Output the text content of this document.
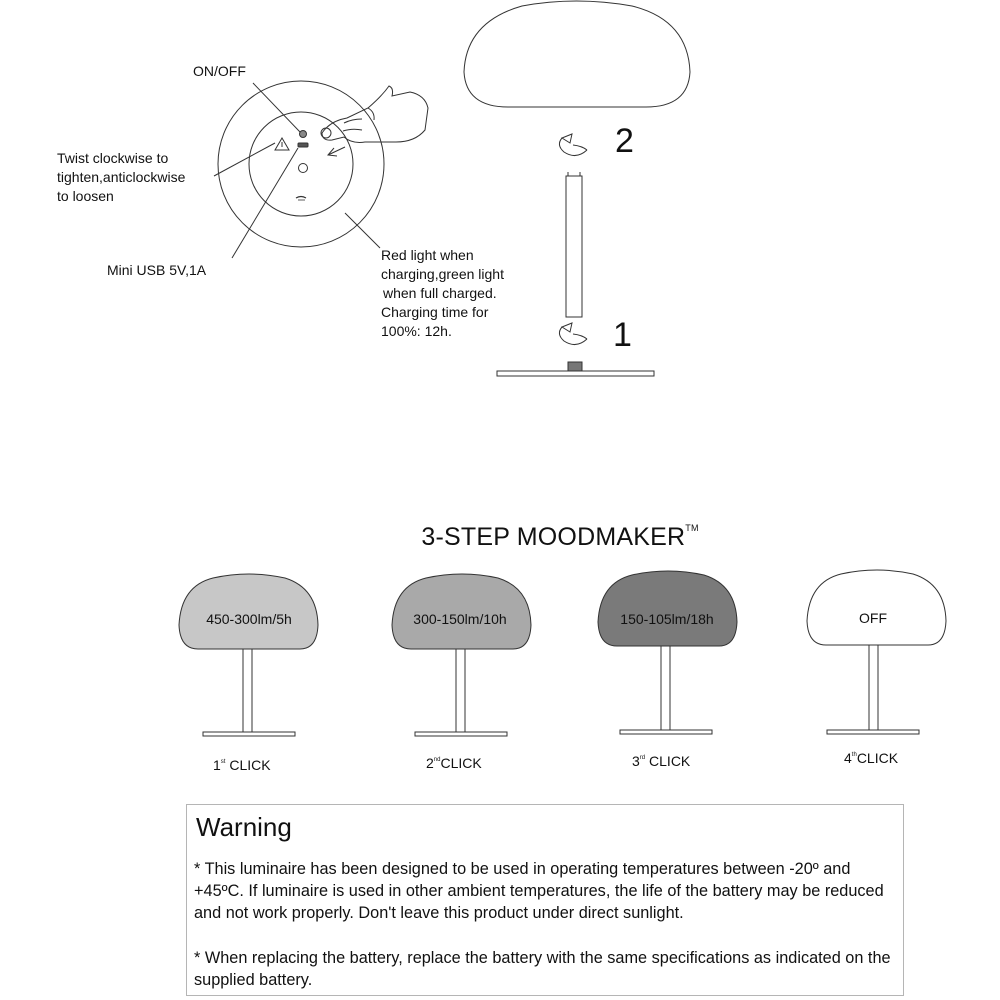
ON/OFF
Twist clockwise to
tighten,anticlockwise
to loosen
Mini USB 5V,1A
Red light when
charging,green light
when full charged.
Charging time for
100%: 12h.
2
1
3-STEP MOODMAKER™
450-300lm/5h	300-150lm/10h	150-105lm/18h	OFF
1st CLICK	2ndCLICK	3rd CLICK	4thCLICK
Warning
* This luminaire has been designed to be used in operating temperatures between -20º and +45ºC. If luminaire is used in other ambient temperatures, the life of the battery may be reduced and not work properly. Don't leave this product under direct sunlight.
* When replacing the battery, replace the battery with the same specifications as indicated on the supplied battery.
